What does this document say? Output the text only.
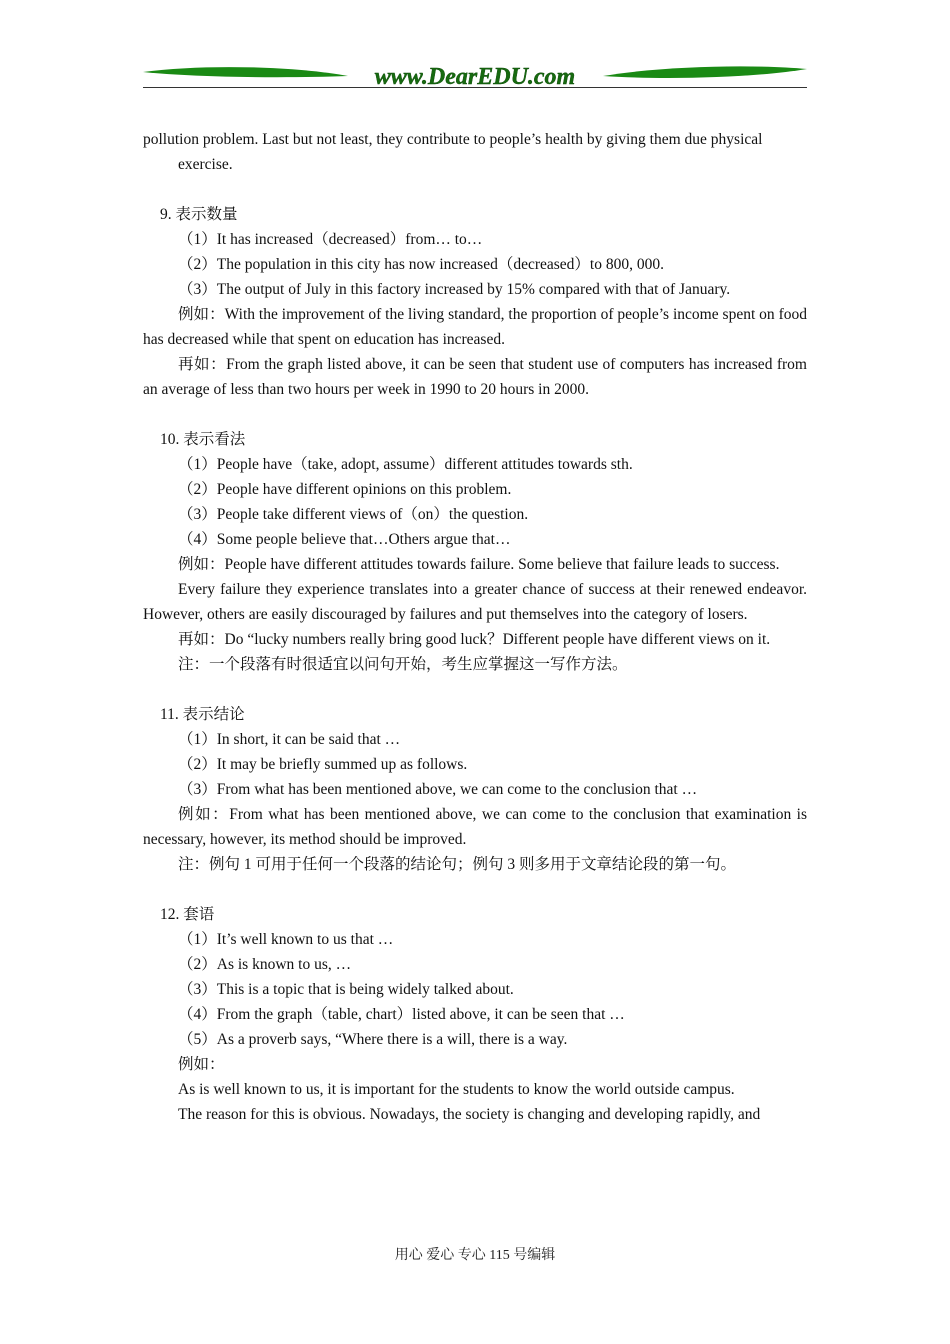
www.DearEDU.com

pollution problem. Last but not least, they contribute to people’s health by giving them due physical

exercise.

9. 表示数量

（1）It has increased（decreased）from… to…

（2）The population in this city has now increased（decreased）to 800, 000.

（3）The output of July in this factory increased by 15% compared with that of January.

例如：With the improvement of the living standard, the proportion of people’s income spent on food has decreased while that spent on education has increased.

再如：From the graph listed above, it can be seen that student use of computers has increased from an average of less than two hours per week in 1990 to 20 hours in 2000.

10. 表示看法

（1）People have（take, adopt, assume）different attitudes towards sth.

（2）People have different opinions on this problem.

（3）People take different views of（on）the question.

（4）Some people believe that…Others argue that…

例如：People have different attitudes towards failure. Some believe that failure leads to success.

Every failure they experience translates into a greater chance of success at their renewed endeavor. However, others are easily discouraged by failures and put themselves into the category of losers.

再如：Do “lucky numbers really bring good luck？Different people have different views on it.

注：一个段落有时很适宜以问句开始，考生应掌握这一写作方法。

11. 表示结论

（1）In short, it can be said that …

（2）It may be briefly summed up as follows.

（3）From what has been mentioned above, we can come to the conclusion that …

例如：From what has been mentioned above, we can come to the conclusion that examination is necessary, however, its method should be improved.

注：例句 1 可用于任何一个段落的结论句；例句 3 则多用于文章结论段的第一句。

12. 套语

（1）It’s well known to us that …

（2）As is known to us, …

（3）This is a topic that is being widely talked about.

（4）From the graph（table, chart）listed above, it can be seen that …

（5）As a proverb says, “Where there is a will, there is a way.

例如：

As is well known to us, it is important for the students to know the world outside campus.

The reason for this is obvious. Nowadays, the society is changing and developing rapidly, and

用心 爱心 专心 115 号编辑
